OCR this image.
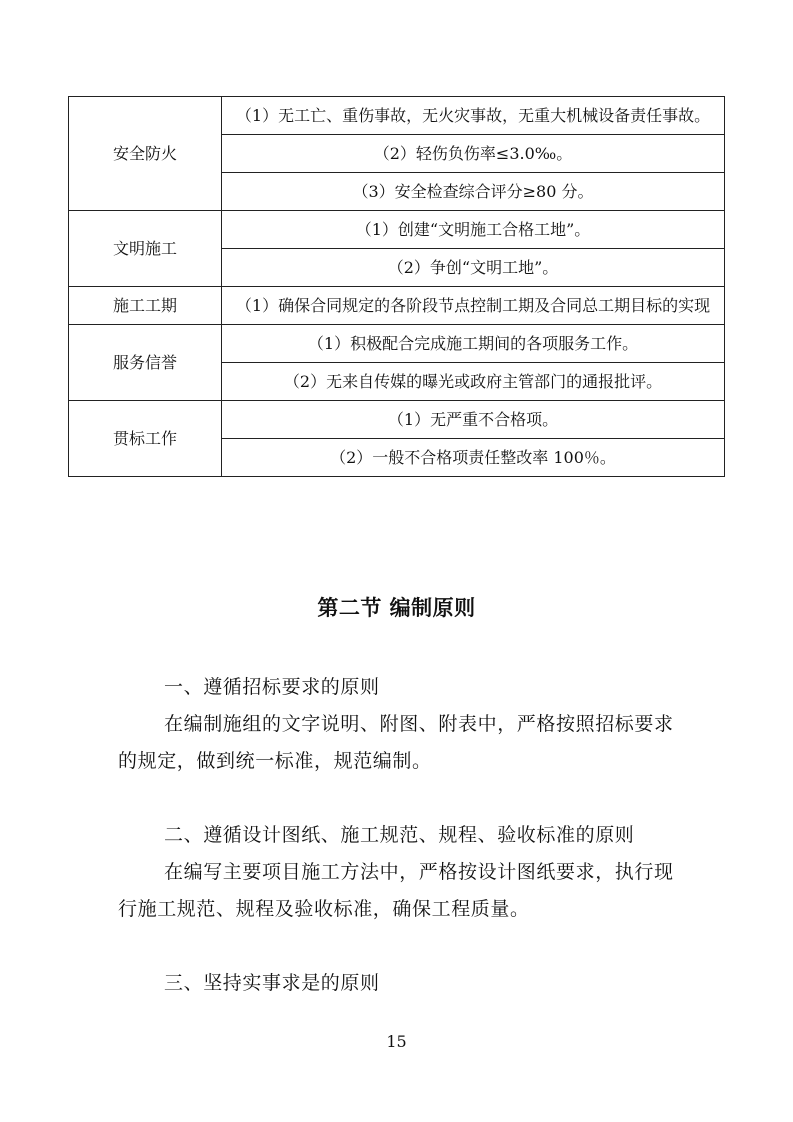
安全防火	（1）无工亡、重伤事故，无火灾事故，无重大机械设备责任事故。
	（2）轻伤负伤率≤3.0‰。
	（3）安全检查综合评分≥80 分。
文明施工	（1）创建“文明施工合格工地”。
	（2）争创“文明工地”。
施工工期	（1）确保合同规定的各阶段节点控制工期及合同总工期目标的实现
服务信誉	（1）积极配合完成施工期间的各项服务工作。
	（2）无来自传媒的曝光或政府主管部门的通报批评。
贯标工作	（1）无严重不合格项。
	（2）一般不合格项责任整改率 100％。
第二节 编制原则
一、遵循招标要求的原则
在编制施组的文字说明、附图、附表中，严格按照招标要求的规定，做到统一标准，规范编制。
二、遵循设计图纸、施工规范、规程、验收标准的原则
在编写主要项目施工方法中，严格按设计图纸要求，执行现行施工规范、规程及验收标准，确保工程质量。
三、坚持实事求是的原则
15
